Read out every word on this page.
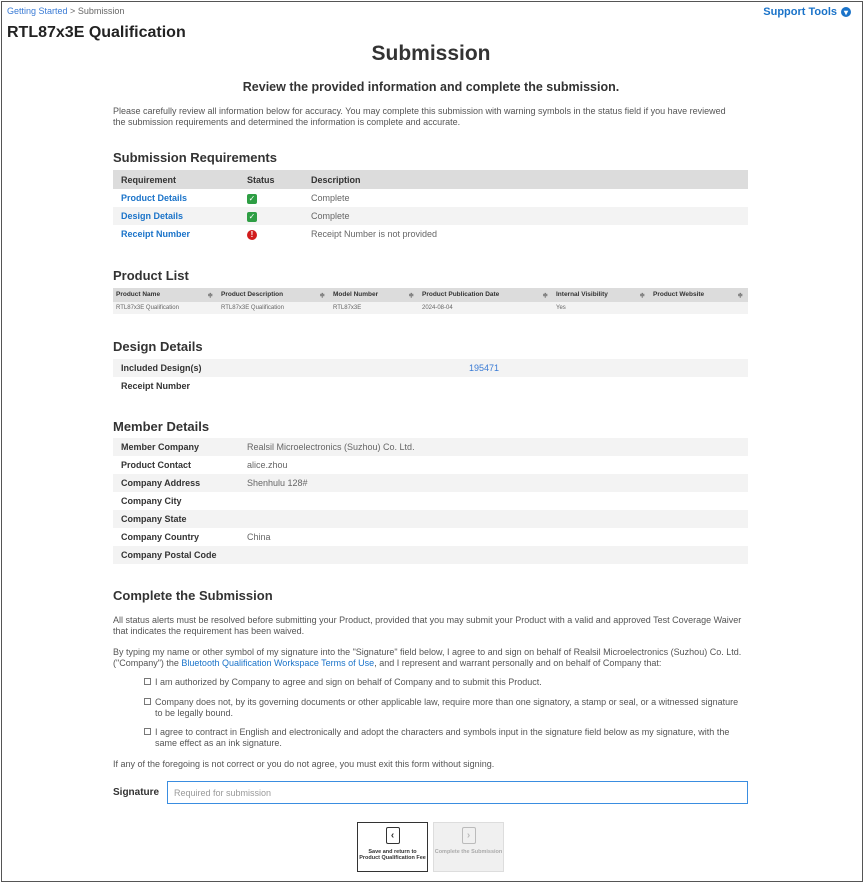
Getting Started > Submission	Support Tools ▾
RTL87x3E Qualification
Submission
Review the provided information and complete the submission.
Please carefully review all information below for accuracy. You may complete this submission with warning symbols in the status field if you have reviewed the submission requirements and determined the information is complete and accurate.
Submission Requirements
Requirement	Status	Description
Product Details	✓	Complete
Design Details	✓	Complete
Receipt Number	!	Receipt Number is not provided
Product List
Product Name	≑ Product Description	≑ Model Number	≑ Product Publication Date	≑ Internal Visibility	≑ Product Website	≑
RTL87x3E Qualification	RTL87x3E Qualification	RTL87x3E	2024-08-04	Yes
Design Details
Included Design(s)	195471
Receipt Number
Member Details
Member Company	Realsil Microelectronics (Suzhou) Co. Ltd.
Product Contact	alice.zhou
Company Address	Shenhulu 128#
Company City
Company State
Company Country	China
Company Postal Code
Complete the Submission
All status alerts must be resolved before submitting your Product, provided that you may submit your Product with a valid and approved Test Coverage Waiver that indicates the requirement has been waived.
By typing my name or other symbol of my signature into the "Signature" field below, I agree to and sign on behalf of Realsil Microelectronics (Suzhou) Co. Ltd. ("Company") the Bluetooth Qualification Workspace Terms of Use, and I represent and warrant personally and on behalf of Company that:
I am authorized by Company to agree and sign on behalf of Company and to submit this Product.
Company does not, by its governing documents or other applicable law, require more than one signatory, a stamp or seal, or a witnessed signature to be legally bound.
I agree to contract in English and electronically and adopt the characters and symbols input in the signature field below as my signature, with the same effect as an ink signature.
If any of the foregoing is not correct or you do not agree, you must exit this form without signing.
Signature
Required for submission
‹
Save and return to Product Qualification Fee
›
Complete the Submission
